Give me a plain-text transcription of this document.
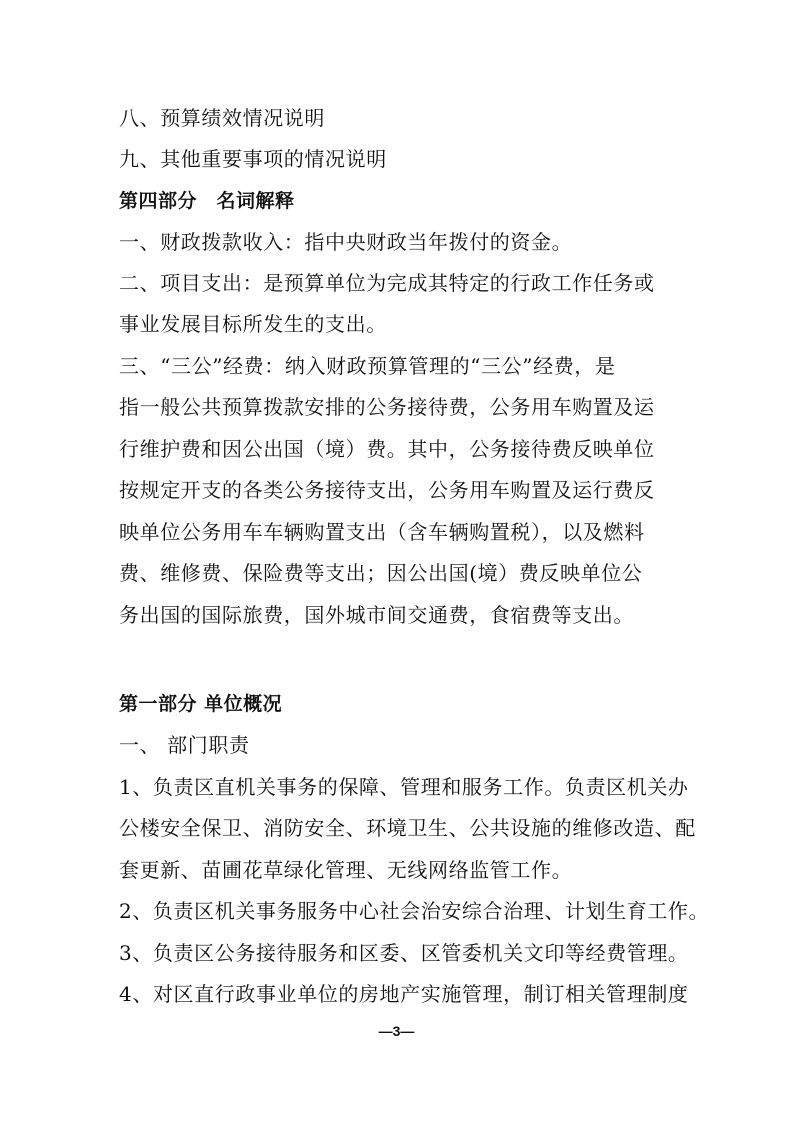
八、预算绩效情况说明
九、其他重要事项的情况说明
第四部分　名词解释
一、财政拨款收入：指中央财政当年拨付的资金。
二、项目支出：是预算单位为完成其特定的行政工作任务或
事业发展目标所发生的支出。
三、“三公”经费：纳入财政预算管理的“三公”经费，是
指一般公共预算拨款安排的公务接待费，公务用车购置及运
行维护费和因公出国（境）费。其中，公务接待费反映单位
按规定开支的各类公务接待支出，公务用车购置及运行费反
映单位公务用车车辆购置支出（含车辆购置税），以及燃料
费、维修费、保险费等支出；因公出国(境）费反映单位公
务出国的国际旅费，国外城市间交通费，食宿费等支出。
第一部分 单位概况
一、 部门职责
1、负责区直机关事务的保障、管理和服务工作。负责区机关办
公楼安全保卫、消防安全、环境卫生、公共设施的维修改造、配
套更新、苗圃花草绿化管理、无线网络监管工作。
2、负责区机关事务服务中心社会治安综合治理、计划生育工作。
3、负责区公务接待服务和区委、区管委机关文印等经费管理。
4、对区直行政事业单位的房地产实施管理，制订相关管理制度
—3—
